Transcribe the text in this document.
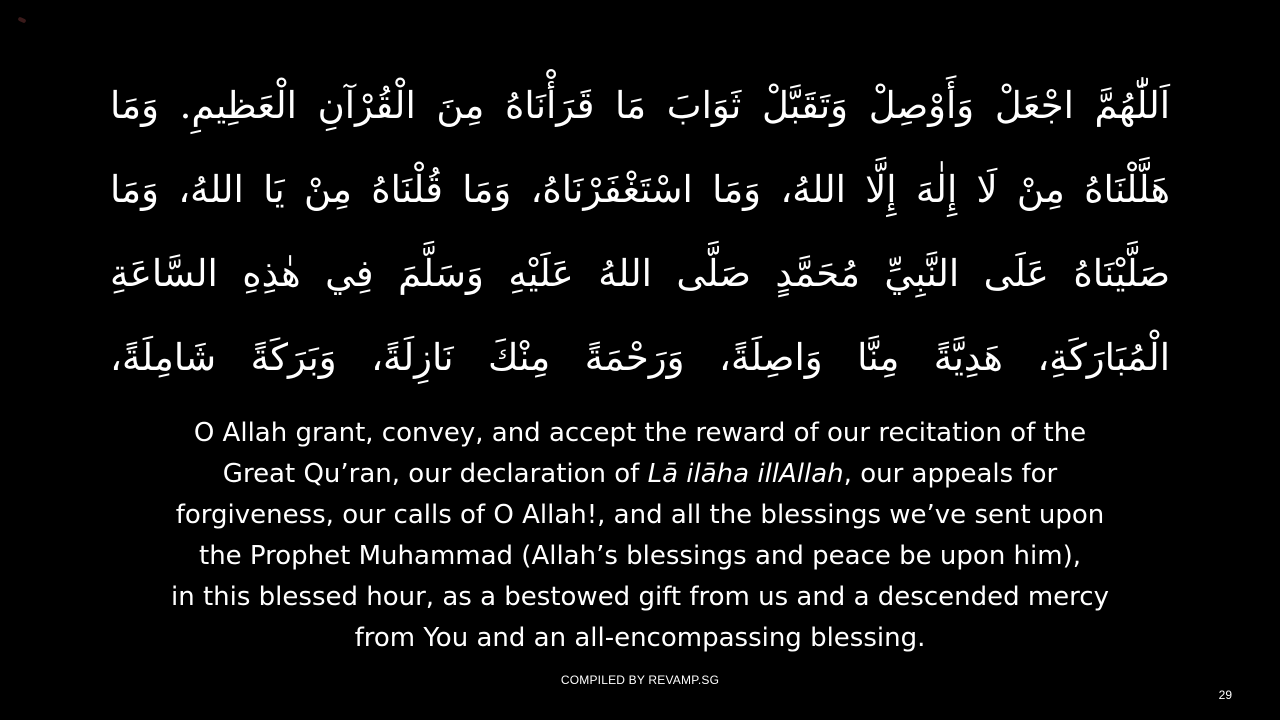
اَللّٰهُمَّ اجْعَلْ وَأَوْصِلْ وَتَقَبَّلْ ثَوَابَ مَا قَرَأْنَاهُ مِنَ الْقُرْآنِ الْعَظِيمِ. وَمَا
هَلَّلْنَاهُ مِنْ لَا إِلٰهَ إِلَّا اللهُ، وَمَا اسْتَغْفَرْنَاهُ، وَمَا قُلْنَاهُ مِنْ يَا اللهُ، وَمَا
صَلَّيْنَاهُ عَلَى النَّبِيِّ مُحَمَّدٍ صَلَّى اللهُ عَلَيْهِ وَسَلَّمَ فِي هٰذِهِ السَّاعَةِ
الْمُبَارَكَةِ، هَدِيَّةً مِنَّا وَاصِلَةً، وَرَحْمَةً مِنْكَ نَازِلَةً، وَبَرَكَةً شَامِلَةً،
O Allah grant, convey, and accept the reward of our recitation of the
Great Qu’ran, our declaration of Lā ilāha illAllah, our appeals for
forgiveness, our calls of O Allah!, and all the blessings we’ve sent upon
the Prophet Muhammad (Allah’s blessings and peace be upon him),
in this blessed hour, as a bestowed gift from us and a descended mercy
from You and an all-encompassing blessing.
COMPILED BY REVAMP.SG
29
